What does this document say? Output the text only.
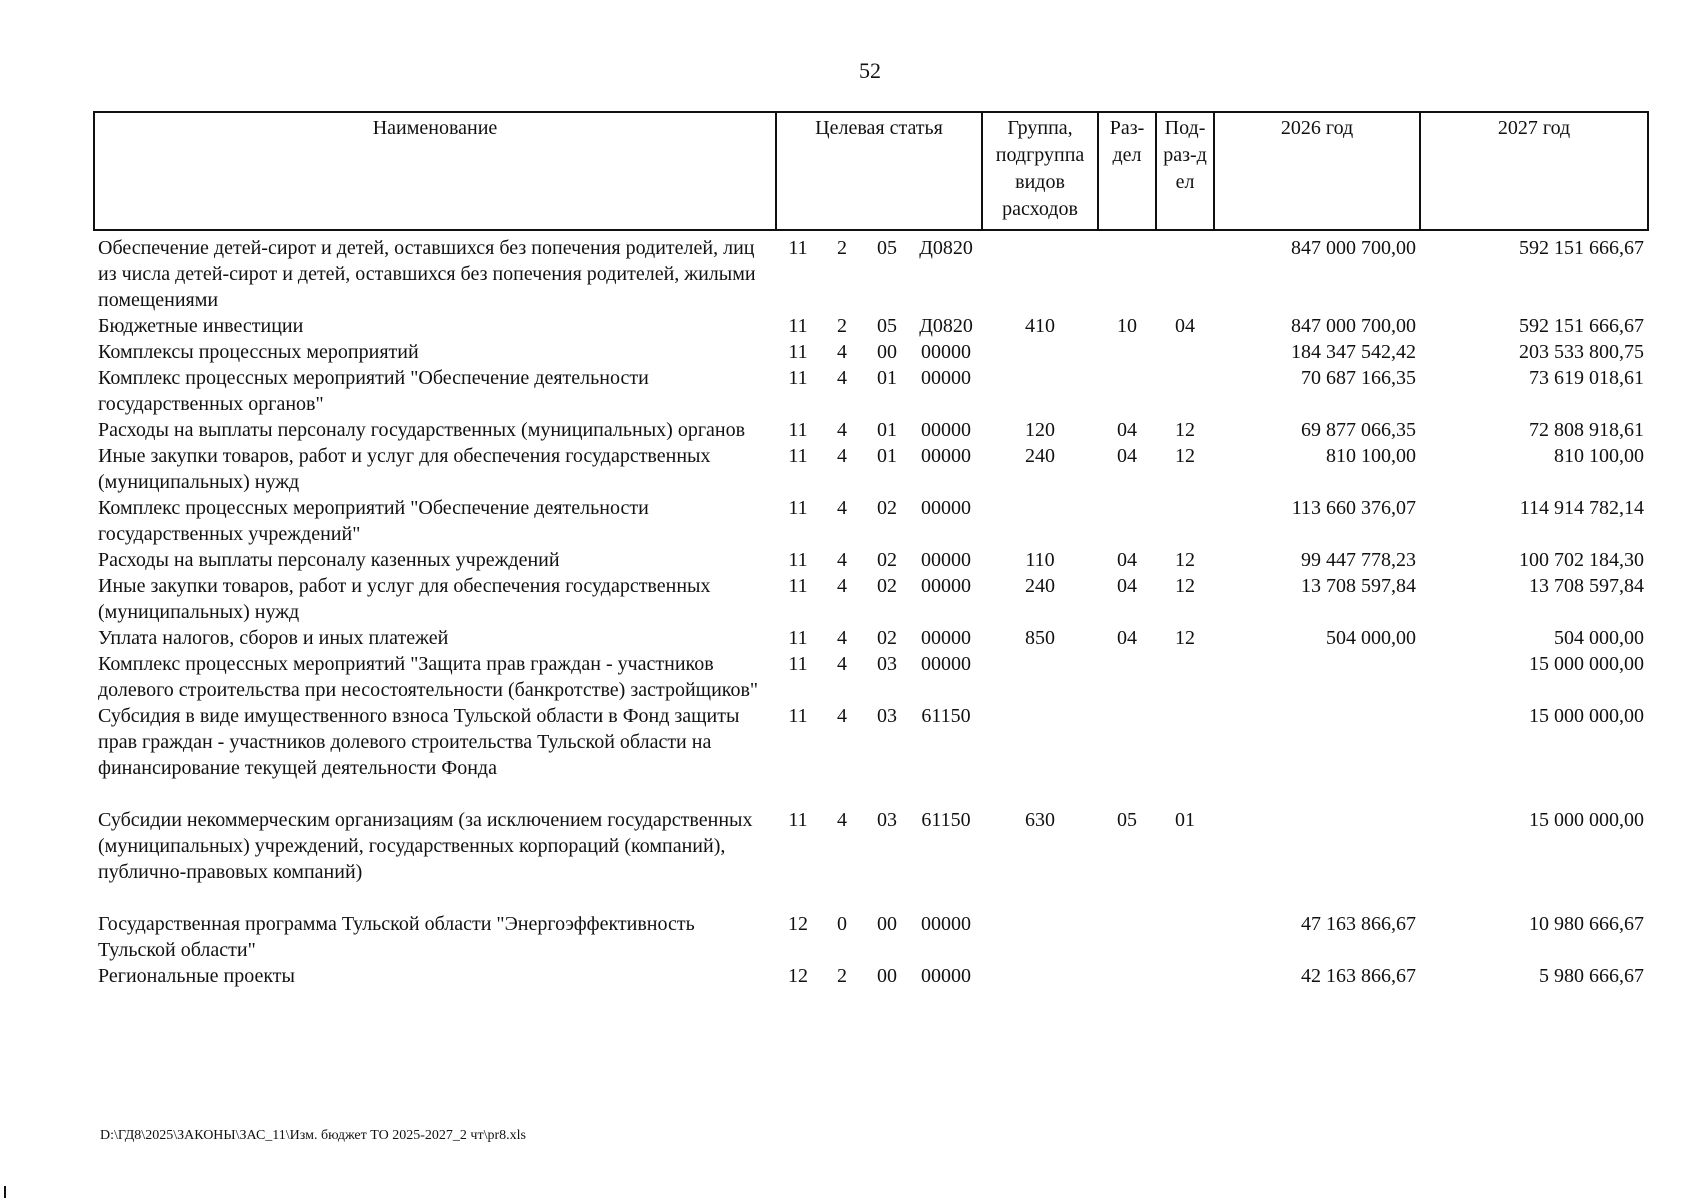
52
Наименование	Целевая статья				Группа, подгруппа видов расходов	Раз-дел	Под-раз-дел	2026 год	2027 год
Обеспечение детей-сирот и детей, оставшихся без попечения родителей, лиц из числа детей-сирот и детей, оставшихся без попечения родителей, жилыми помещениями	11	2	05	Д0820				847 000 700,00	592 151 666,67
Бюджетные инвестиции	11	2	05	Д0820	410	10	04	847 000 700,00	592 151 666,67
Комплексы процессных мероприятий	11	4	00	00000				184 347 542,42	203 533 800,75
Комплекс процессных мероприятий "Обеспечение деятельности государственных органов"	11	4	01	00000				70 687 166,35	73 619 018,61
Расходы на выплаты персоналу государственных (муниципальных) органов	11	4	01	00000	120	04	12	69 877 066,35	72 808 918,61
Иные закупки товаров, работ и услуг для обеспечения государственных (муниципальных) нужд	11	4	01	00000	240	04	12	810 100,00	810 100,00
Комплекс процессных мероприятий "Обеспечение деятельности государственных учреждений"	11	4	02	00000				113 660 376,07	114 914 782,14
Расходы на выплаты персоналу казенных учреждений	11	4	02	00000	110	04	12	99 447 778,23	100 702 184,30
Иные закупки товаров, работ и услуг для обеспечения государственных (муниципальных) нужд	11	4	02	00000	240	04	12	13 708 597,84	13 708 597,84
Уплата налогов, сборов и иных платежей	11	4	02	00000	850	04	12	504 000,00	504 000,00
Комплекс процессных мероприятий "Защита прав граждан - участников долевого строительства при несостоятельности (банкротстве) застройщиков"	11	4	03	00000					15 000 000,00
Субсидия в виде имущественного взноса Тульской области в Фонд защиты прав граждан - участников долевого строительства Тульской области на финансирование текущей деятельности Фонда	11	4	03	61150					15 000 000,00
Субсидии некоммерческим организациям (за исключением государственных (муниципальных) учреждений, государственных корпораций (компаний), публично-правовых компаний)	11	4	03	61150	630	05	01		15 000 000,00
Государственная программа Тульской области "Энергоэффективность Тульской области"	12	0	00	00000				47 163 866,67	10 980 666,67
Региональные проекты	12	2	00	00000				42 163 866,67	5 980 666,67
D:\ГД8\2025\ЗАКОНЫ\ЗАС_11\Изм. бюджет ТО 2025-2027_2 чт\pr8.xls
